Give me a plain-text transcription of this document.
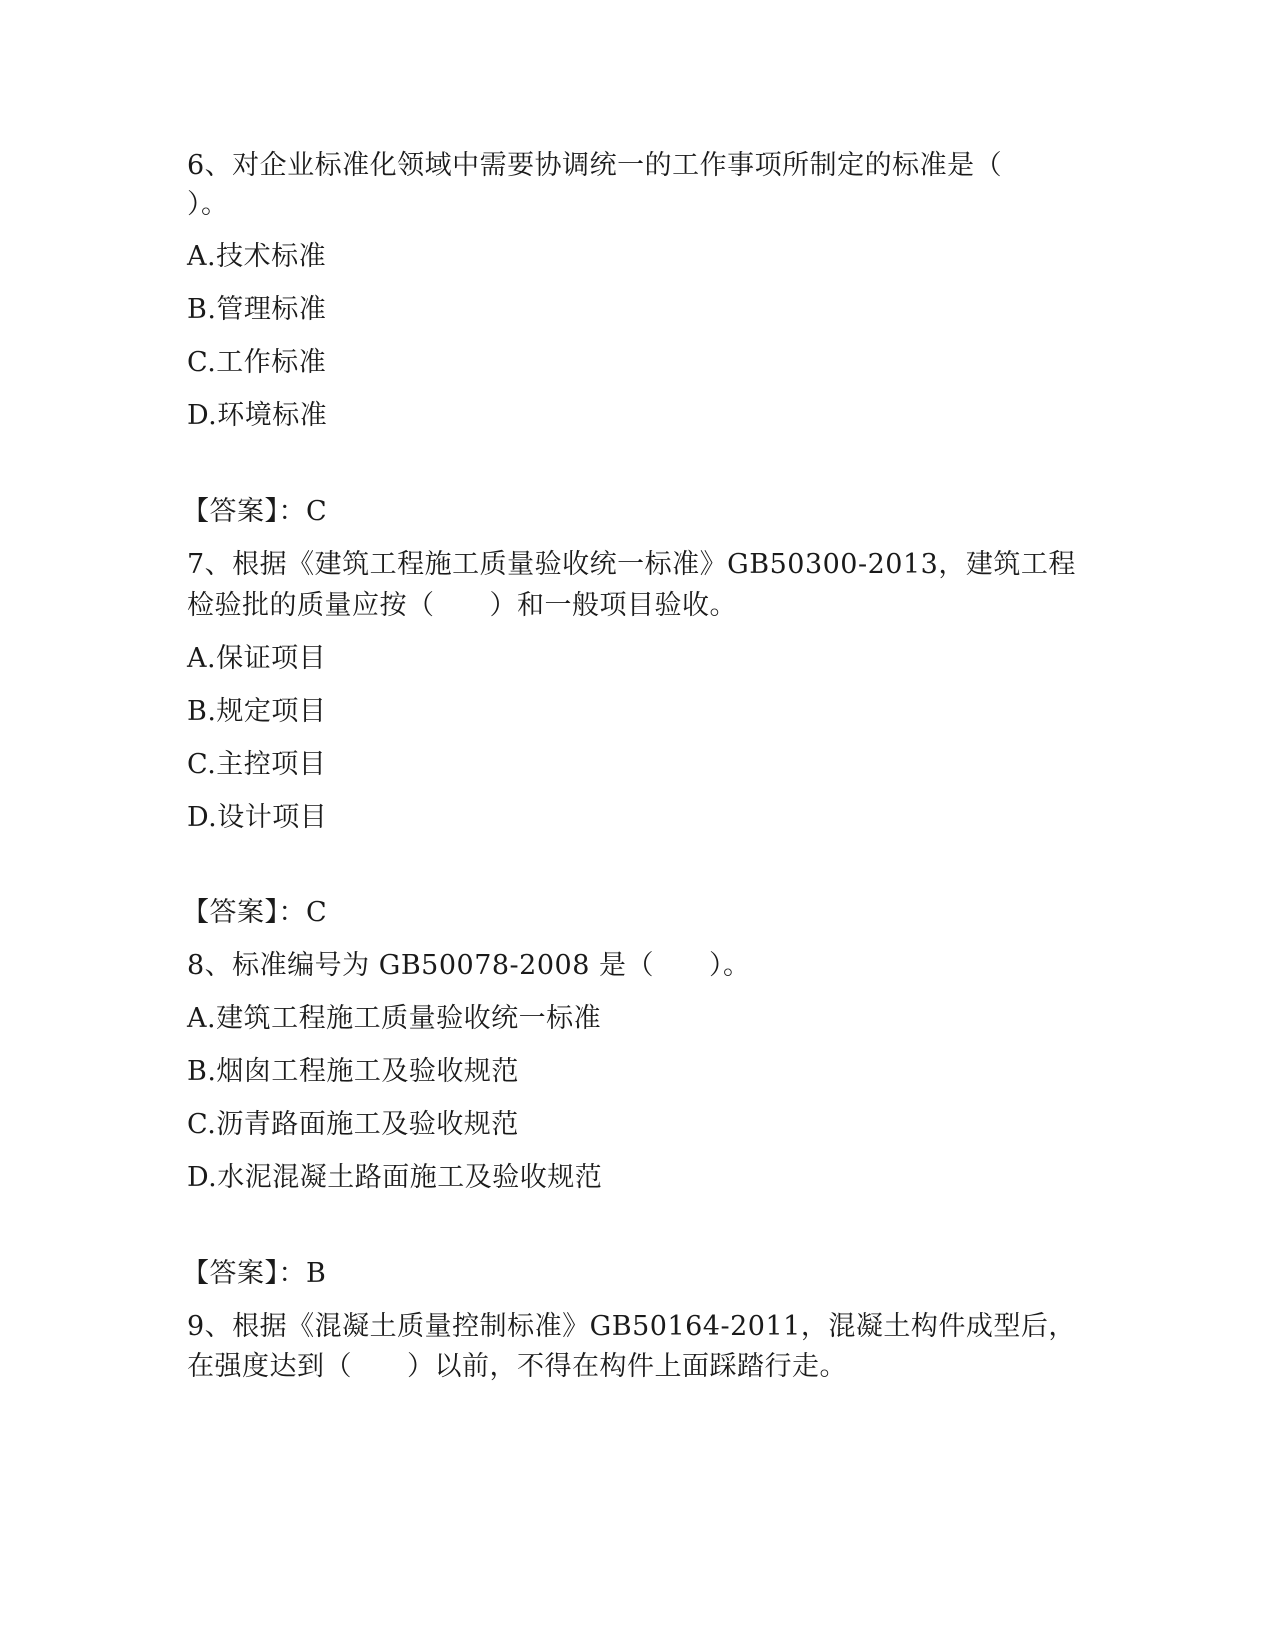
6、对企业标准化领域中需要协调统一的工作事项所制定的标准是（
）。
A.技术标准
B.管理标准
C.工作标准
D.环境标准
【答案】：C
7、根据《建筑工程施工质量验收统一标准》GB50300-2013，建筑工程
检验批的质量应按（　　）和一般项目验收。
A.保证项目
B.规定项目
C.主控项目
D.设计项目
【答案】：C
8、标准编号为 GB50078-2008 是（　　）。
A.建筑工程施工质量验收统一标准
B.烟囱工程施工及验收规范
C.沥青路面施工及验收规范
D.水泥混凝土路面施工及验收规范
【答案】：B
9、根据《混凝土质量控制标准》GB50164-2011，混凝土构件成型后，
在强度达到（　　）以前，不得在构件上面踩踏行走。
